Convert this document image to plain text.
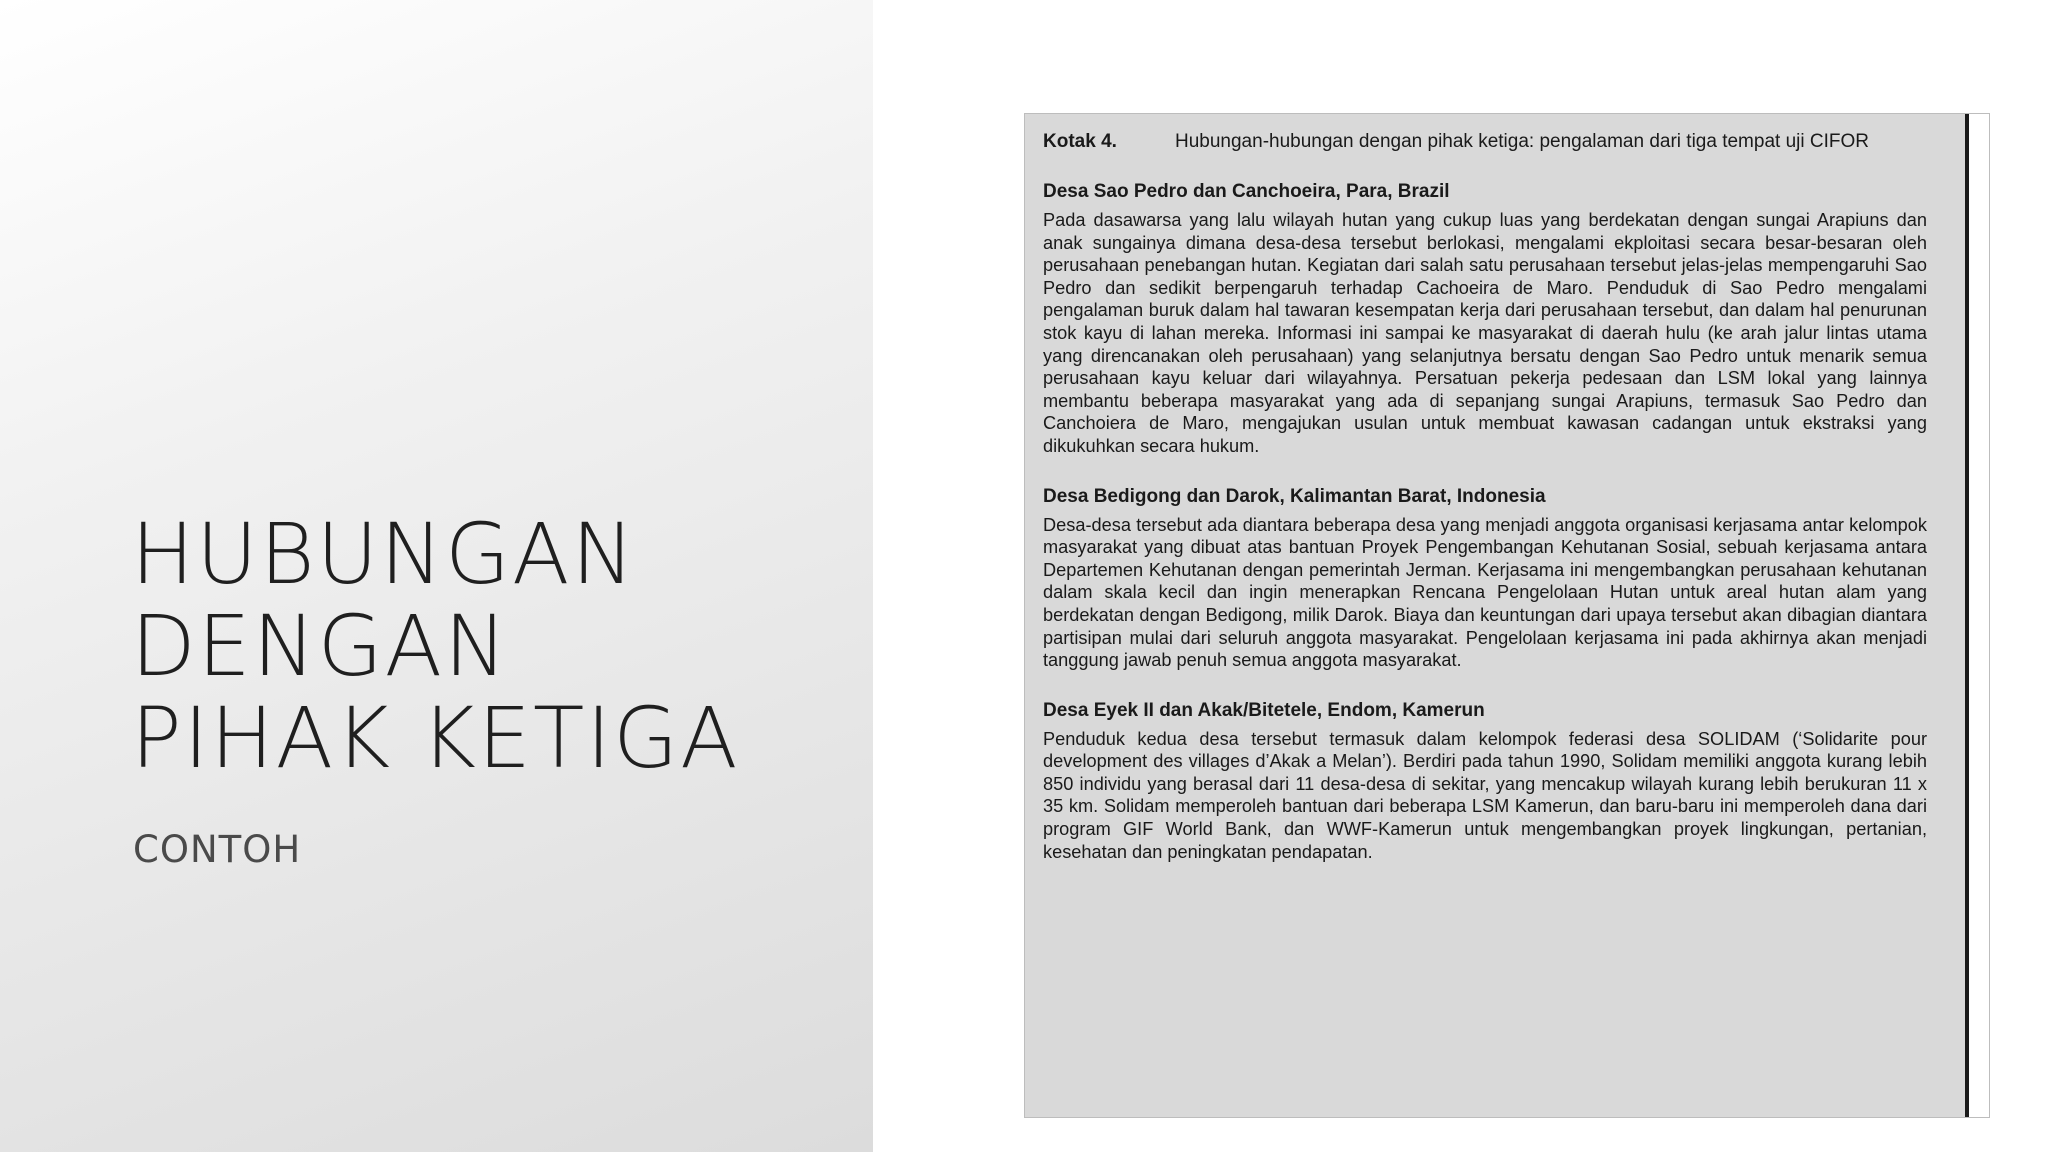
HUBUNGAN
DENGAN
PIHAK KETIGA

CONTOH

Kotak 4.	Hubungan-hubungan dengan pihak ketiga: pengalaman dari tiga tempat uji CIFOR
Desa Sao Pedro dan Canchoeira, Para, Brazil
Pada dasawarsa yang lalu wilayah hutan yang cukup luas yang berdekatan dengan sungai Arapiuns dan anak sungainya dimana desa-desa tersebut berlokasi, mengalami ekploitasi secara besar-besaran oleh perusahaan penebangan hutan. Kegiatan dari salah satu perusahaan tersebut jelas-jelas mempengaruhi Sao Pedro dan sedikit berpengaruh terhadap Cachoeira de Maro. Penduduk di Sao Pedro mengalami pengalaman buruk dalam hal tawaran kesempatan kerja dari perusahaan tersebut, dan dalam hal penurunan stok kayu di lahan mereka. Informasi ini sampai ke masyarakat di daerah hulu (ke arah jalur lintas utama yang direncanakan oleh perusahaan) yang selanjutnya bersatu dengan Sao Pedro untuk menarik semua perusahaan kayu keluar dari wilayahnya. Persatuan pekerja pedesaan dan LSM lokal yang lainnya membantu beberapa masyarakat yang ada di sepanjang sungai Arapiuns, termasuk Sao Pedro dan Canchoiera de Maro, mengajukan usulan untuk membuat kawasan cadangan untuk ekstraksi yang dikukuhkan secara hukum.
Desa Bedigong dan Darok, Kalimantan Barat, Indonesia
Desa-desa tersebut ada diantara beberapa desa yang menjadi anggota organisasi kerjasama antar kelompok masyarakat yang dibuat atas bantuan Proyek Pengembangan Kehutanan Sosial, sebuah kerjasama antara Departemen Kehutanan dengan pemerintah Jerman. Kerjasama ini mengembangkan perusahaan kehutanan dalam skala kecil dan ingin menerapkan Rencana Pengelolaan Hutan untuk areal hutan alam yang berdekatan dengan Bedigong, milik Darok. Biaya dan keuntungan dari upaya tersebut akan dibagian diantara partisipan mulai dari seluruh anggota masyarakat. Pengelolaan kerjasama ini pada akhirnya akan menjadi tanggung jawab penuh semua anggota masyarakat.
Desa Eyek II dan Akak/Bitetele, Endom, Kamerun
Penduduk kedua desa tersebut termasuk dalam kelompok federasi desa SOLIDAM (‘Solidarite pour development des villages d’Akak a Melan’). Berdiri pada tahun 1990, Solidam memiliki anggota kurang lebih 850 individu yang berasal dari 11 desa-desa di sekitar, yang mencakup wilayah kurang lebih berukuran 11 x 35 km. Solidam memperoleh bantuan dari beberapa LSM Kamerun, dan baru-baru ini memperoleh dana dari program GIF World Bank, dan WWF-Kamerun untuk mengembangkan proyek lingkungan, pertanian, kesehatan dan peningkatan pendapatan.
